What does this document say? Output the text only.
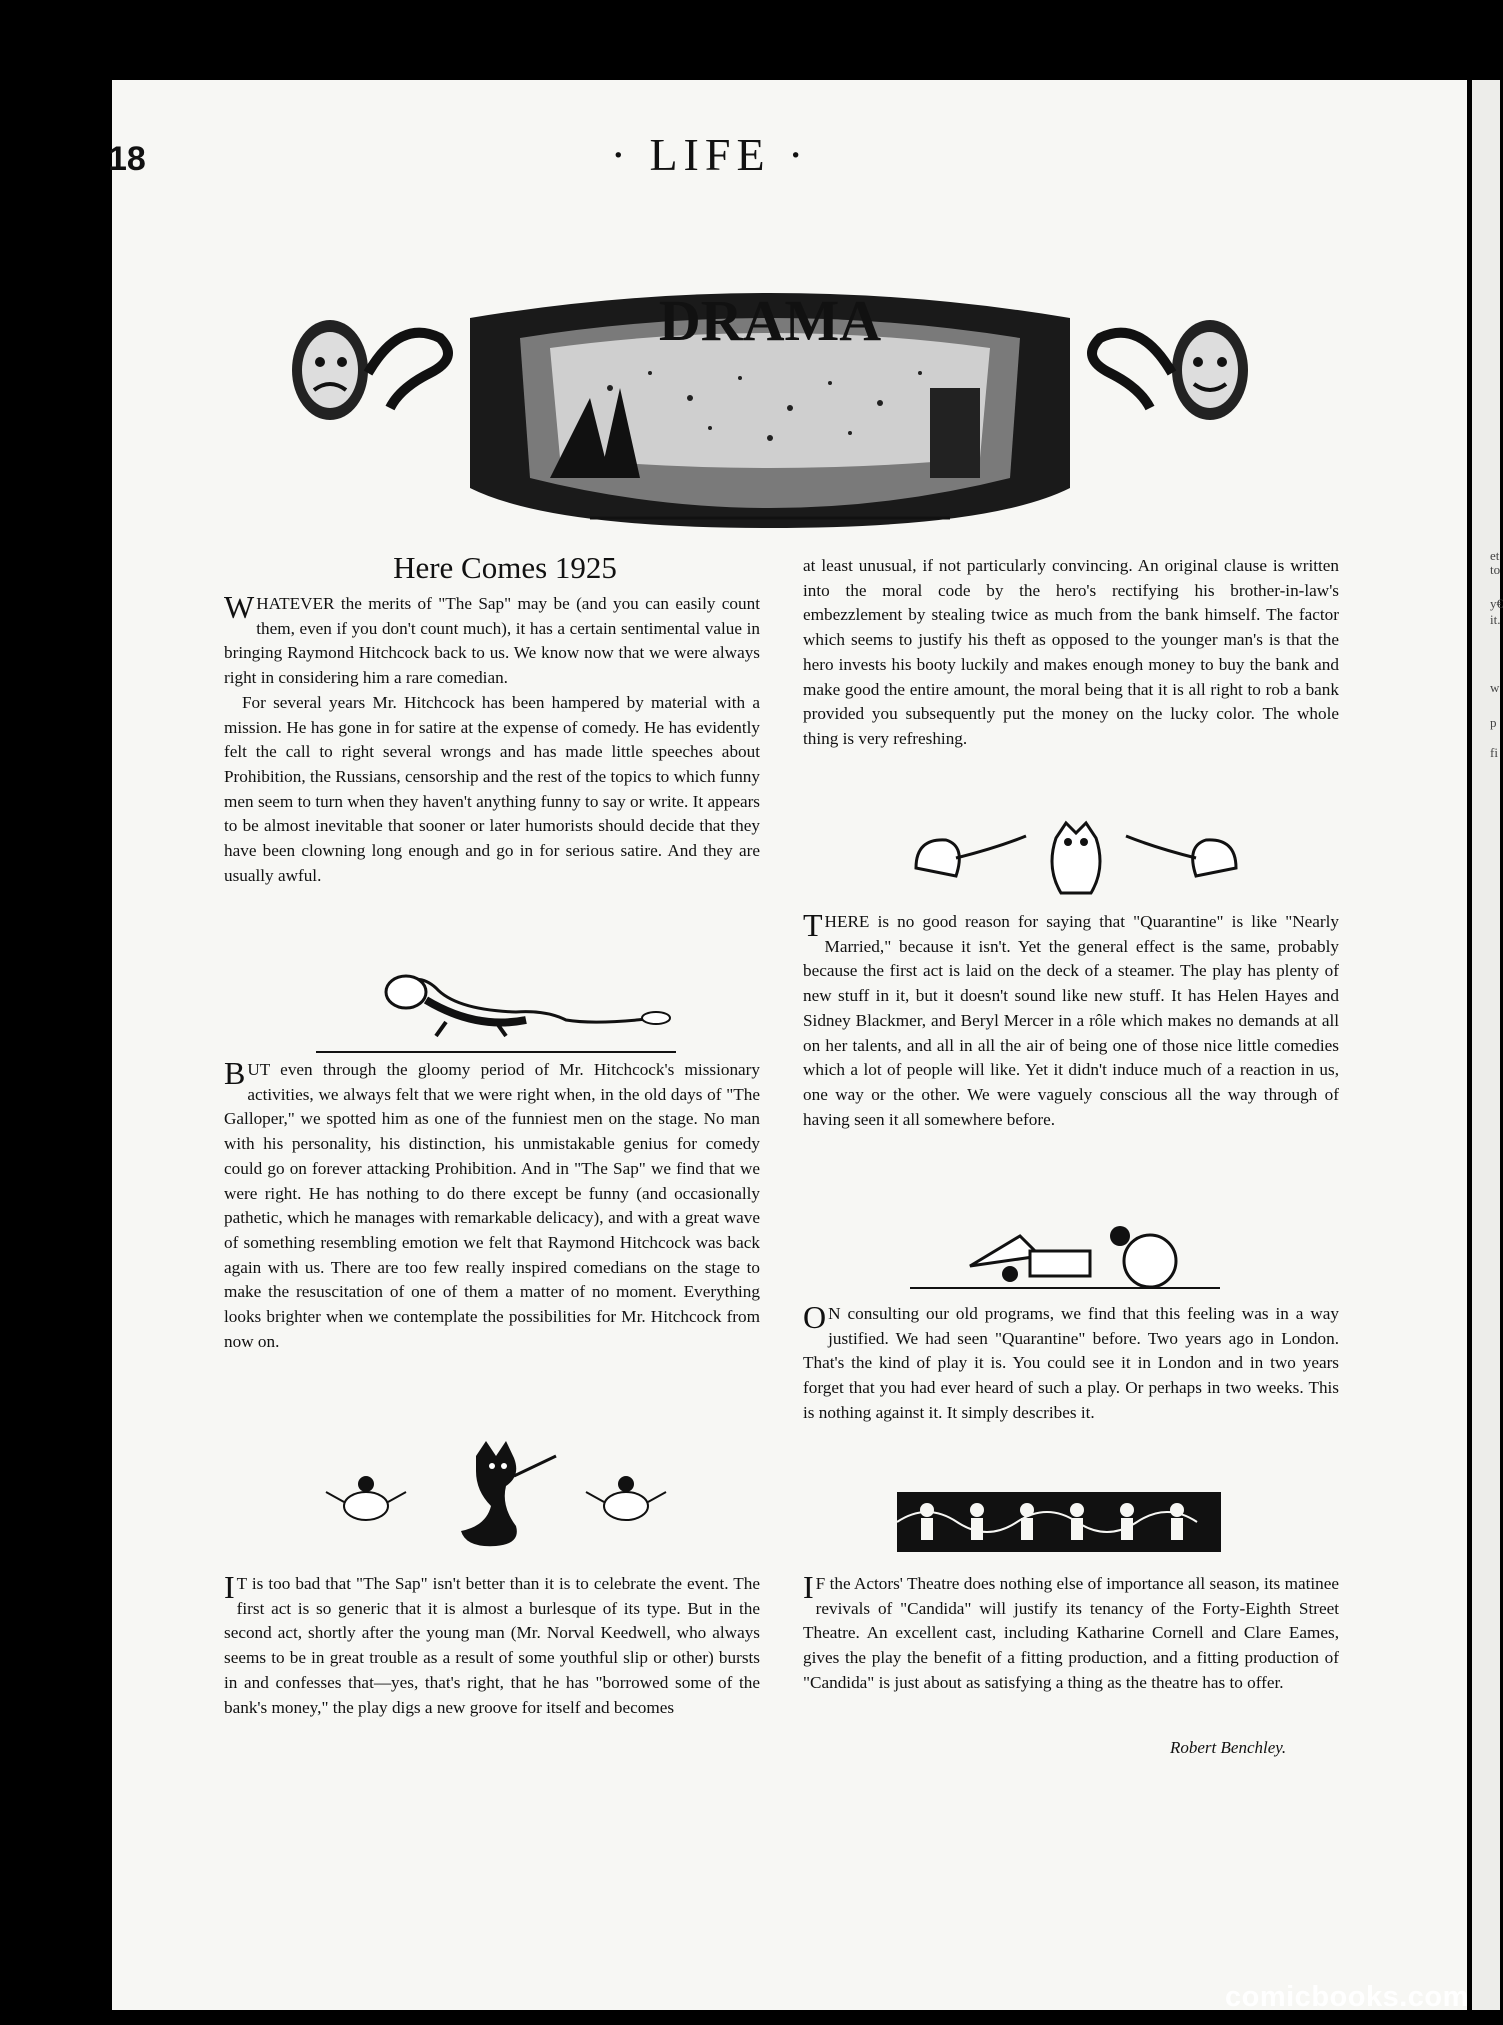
et
to
y€
it.
w
p
fi
18	· LIFE ·
DRAMA
Here Comes 1925

WHATEVER the merits of "The Sap" may be (and you can easily count them, even if you don't count much), it has a certain sentimental value in bringing Raymond Hitchcock back to us. We know now that we were always right in considering him a rare comedian.

For several years Mr. Hitchcock has been hampered by material with a mission. He has gone in for satire at the expense of comedy. He has evidently felt the call to right several wrongs and has made little speeches about Prohibition, the Russians, censorship and the rest of the topics to which funny men seem to turn when they haven't anything funny to say or write. It appears to be almost inevitable that sooner or later humorists should decide that they have been clowning long enough and go in for serious satire. And they are usually awful.

BUT even through the gloomy period of Mr. Hitchcock's missionary activities, we always felt that we were right when, in the old days of "The Galloper," we spotted him as one of the funniest men on the stage. No man with his personality, his distinction, his unmistakable genius for comedy could go on forever attacking Prohibition. And in "The Sap" we find that we were right. He has nothing to do there except be funny (and occasionally pathetic, which he manages with remarkable delicacy), and with a great wave of something resembling emotion we felt that Raymond Hitchcock was back again with us. There are too few really inspired comedians on the stage to make the resuscitation of one of them a matter of no moment. Everything looks brighter when we contemplate the possibilities for Mr. Hitchcock from now on.

I T is too bad that "The Sap" isn't better than it is to celebrate the event. The first act is so generic that it is almost a burlesque of its type. But in the second act, shortly after the young man (Mr. Norval Keedwell, who always seems to be in great trouble as a result of some youthful slip or other) bursts in and confesses that—yes, that's right, that he has "borrowed some of the bank's money," the play digs a new groove for itself and becomes

at least unusual, if not particularly convincing. An original clause is written into the moral code by the hero's rectifying his brother-in-law's embezzlement by stealing twice as much from the bank himself. The factor which seems to justify his theft as opposed to the younger man's is that the hero invests his booty luckily and makes enough money to buy the bank and make good the entire amount, the moral being that it is all right to rob a bank provided you subsequently put the money on the lucky color. The whole thing is very refreshing.

THERE is no good reason for saying that "Quarantine" is like "Nearly Married," because it isn't. Yet the general effect is the same, probably because the first act is laid on the deck of a steamer. The play has plenty of new stuff in it, but it doesn't sound like new stuff. It has Helen Hayes and Sidney Blackmer, and Beryl Mercer in a rôle which makes no demands at all on her talents, and all in all the air of being one of those nice little comedies which a lot of people will like. Yet it didn't induce much of a reaction in us, one way or the other. We were vaguely conscious all the way through of having seen it all somewhere before.

O N consulting our old programs, we find that this feeling was in a way justified. We had seen "Quarantine" before. Two years ago in London. That's the kind of play it is. You could see it in London and in two years forget that you had ever heard of such a play. Or perhaps in two weeks. This is nothing against it. It simply describes it.

I F the Actors' Theatre does nothing else of importance all season, its matinee revivals of "Candida" will justify its tenancy of the Forty-Eighth Street Theatre. An excellent cast, including Katharine Cornell and Clare Eames, gives the play the benefit of a fitting production, and a fitting production of "Candida" is just about as satisfying a thing as the theatre has to offer.

Robert Benchley.
comicbooks.com
